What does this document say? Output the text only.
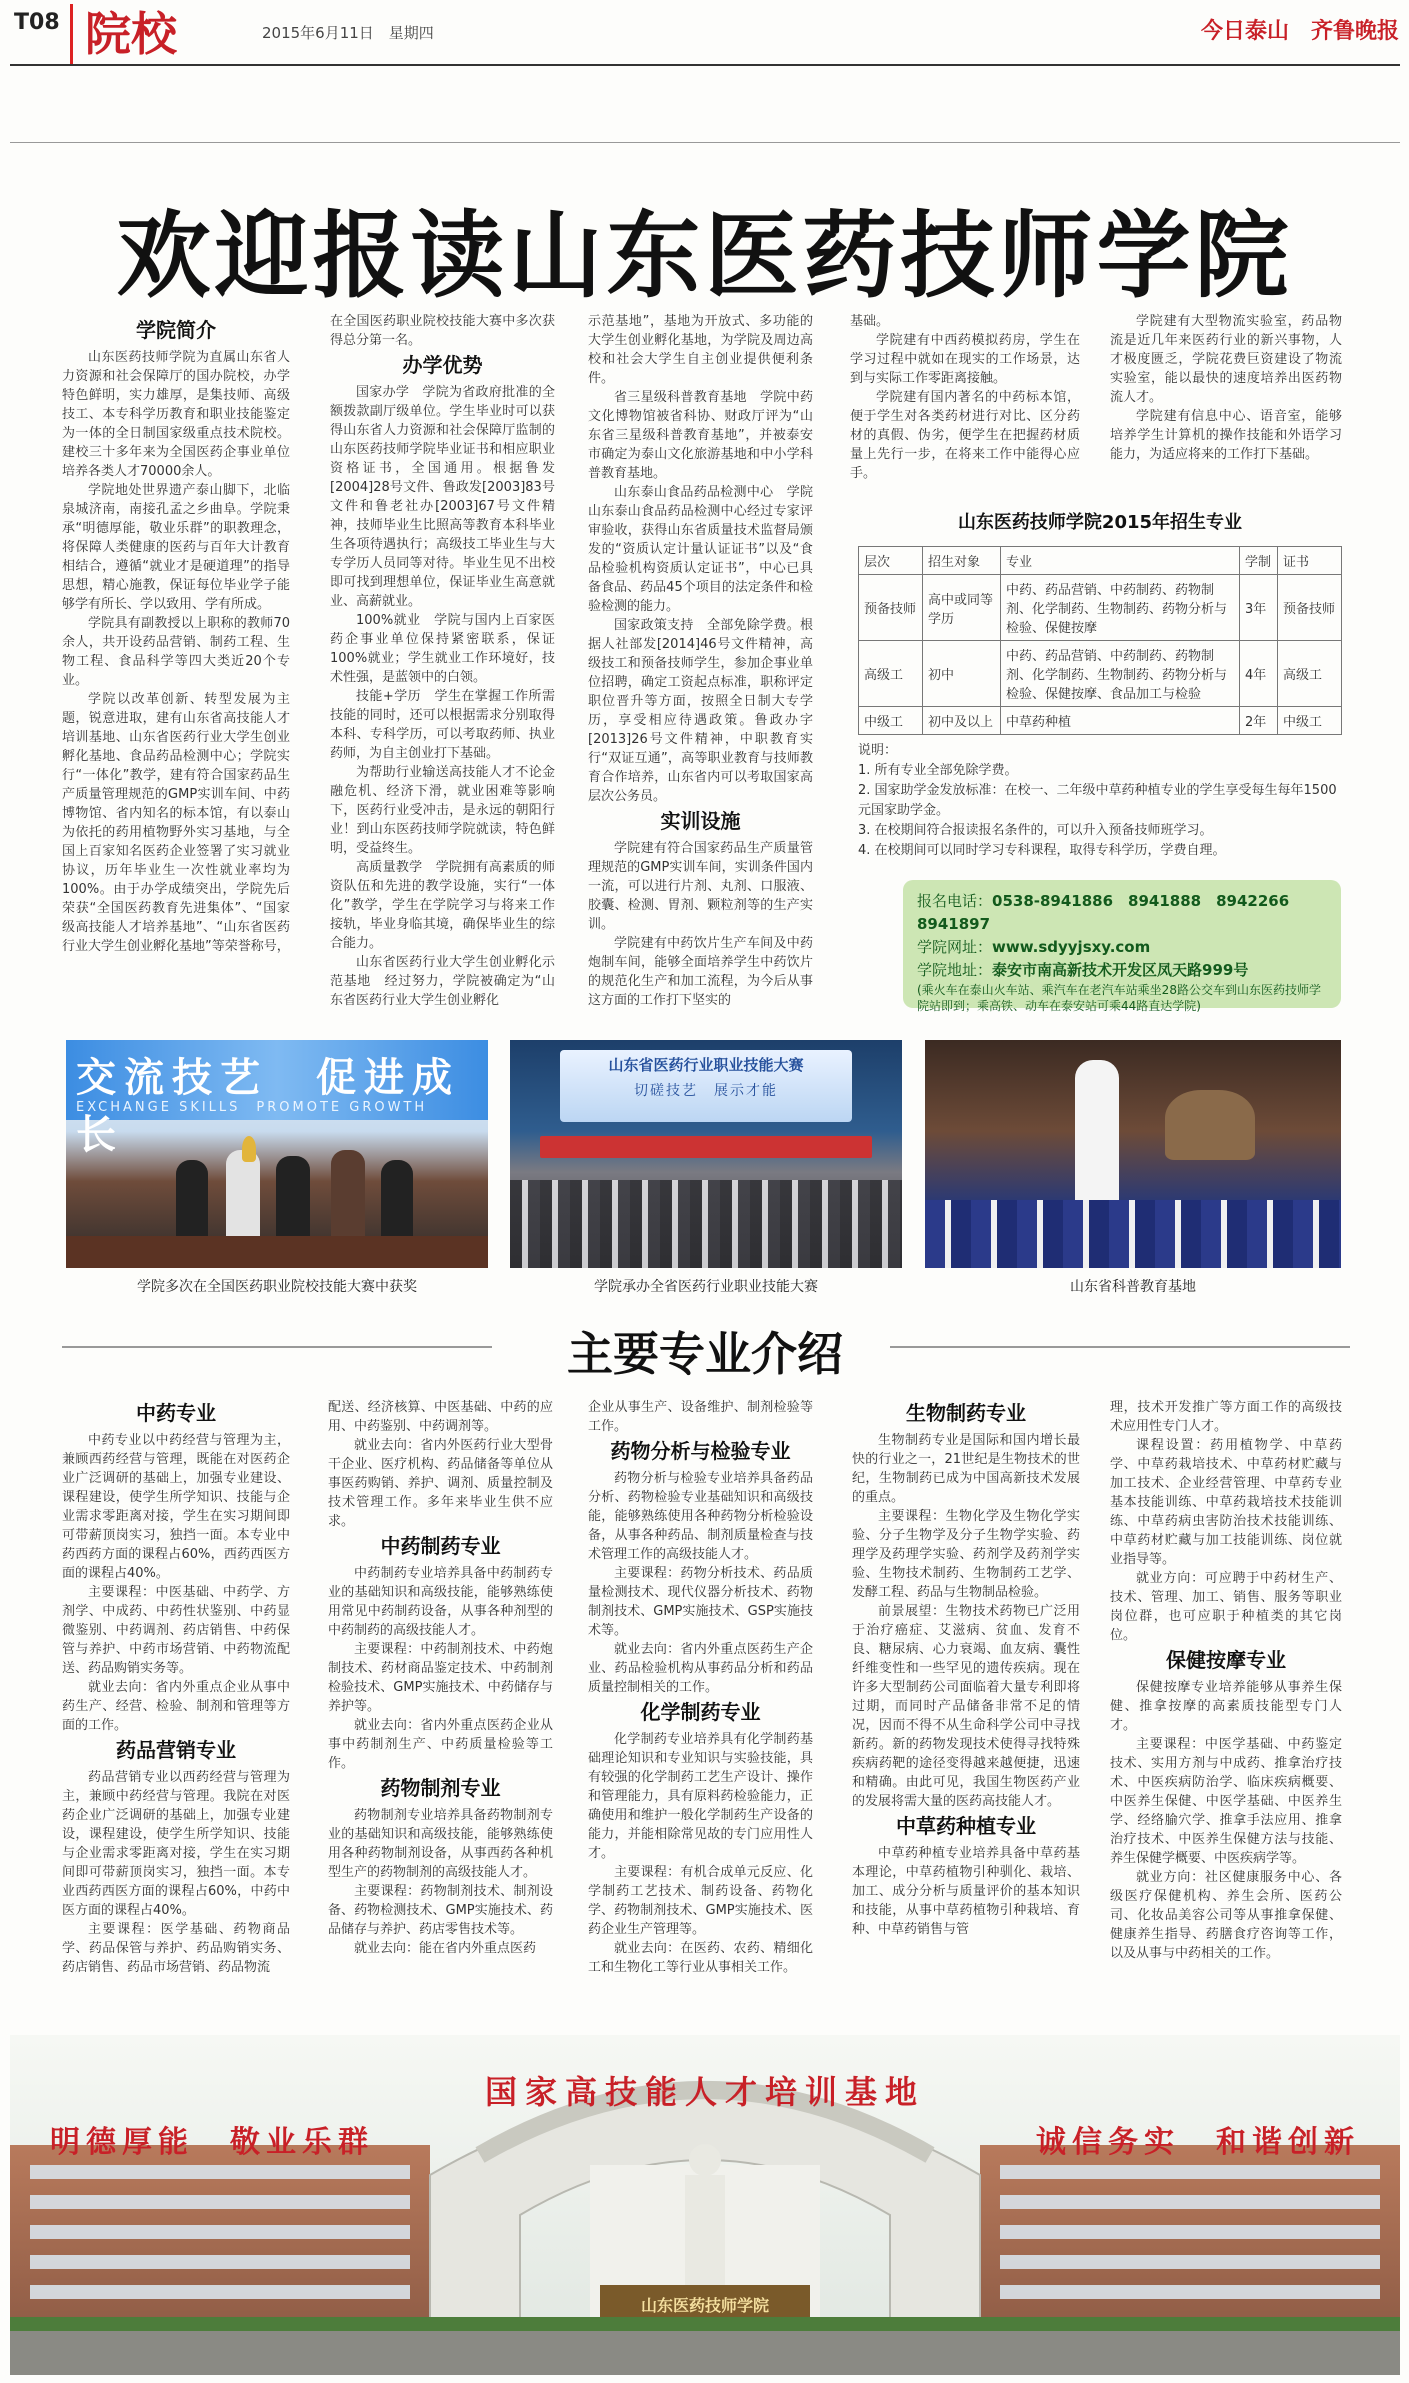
T08 院校	2015年6月11日　星期四	今日泰山　齐鲁晚报
欢迎报读山东医药技师学院
学院简介

山东医药技师学院为直属山东省人力资源和社会保障厅的国办院校，办学特色鲜明，实力雄厚，是集技师、高级技工、本专科学历教育和职业技能鉴定为一体的全日制国家级重点技术院校。建校三十多年来为全国医药企事业单位培养各类人才70000余人。

学院地处世界遗产泰山脚下，北临泉城济南，南接孔孟之乡曲阜。学院秉承“明德厚能，敬业乐群”的职教理念，将保障人类健康的医药与百年大计教育相结合，遵循“就业才是硬道理”的指导思想，精心施教，保证每位毕业学子能够学有所长、学以致用、学有所成。

学院具有副教授以上职称的教师70余人，共开设药品营销、制药工程、生物工程、食品科学等四大类近20个专业。

学院以改革创新、转型发展为主题，锐意进取，建有山东省高技能人才培训基地、山东省医药行业大学生创业孵化基地、食品药品检测中心；学院实行“一体化”教学，建有符合国家药品生产质量管理规范的GMP实训车间、中药博物馆、省内知名的标本馆，有以泰山为依托的药用植物野外实习基地，与全国上百家知名医药企业签署了实习就业协议，历年毕业生一次性就业率均为100%。由于办学成绩突出，学院先后荣获“全国医药教育先进集体”、“国家级高技能人才培养基地”、“山东省医药行业大学生创业孵化基地”等荣誉称号，

在全国医药职业院校技能大赛中多次获得总分第一名。

办学优势

国家办学　学院为省政府批准的全额拨款副厅级单位。学生毕业时可以获得山东省人力资源和社会保障厅监制的山东医药技师学院毕业证书和相应职业资格证书，全国通用。根据鲁发[2004]28号文件、鲁政发[2003]83号文件和鲁老社办[2003]67号文件精神，技师毕业生比照高等教育本科毕业生各项待遇执行；高级技工毕业生与大专学历人员同等对待。毕业生见不出校即可找到理想单位，保证毕业生高意就业、高薪就业。

100%就业　学院与国内上百家医药企事业单位保持紧密联系，保证100%就业；学生就业工作环境好，技术性强，是蓝领中的白领。

技能+学历　学生在掌握工作所需技能的同时，还可以根据需求分别取得本科、专科学历，可以考取药师、执业药师，为自主创业打下基础。

为帮助行业输送高技能人才不论金融危机、经济下滑，就业困难等影响下，医药行业受冲击，是永远的朝阳行业！到山东医药技师学院就读，特色鲜明，受益终生。

高质量教学　学院拥有高素质的师资队伍和先进的教学设施，实行“一体化”教学，学生在学院学习与将来工作接轨，毕业身临其境，确保毕业生的综合能力。

山东省医药行业大学生创业孵化示范基地　经过努力，学院被确定为“山东省医药行业大学生创业孵化

示范基地”，基地为开放式、多功能的大学生创业孵化基地，为学院及周边高校和社会大学生自主创业提供便利条件。

省三星级科普教育基地　学院中药文化博物馆被省科协、财政厅评为“山东省三星级科普教育基地”，并被泰安市确定为泰山文化旅游基地和中小学科普教育基地。

山东泰山食品药品检测中心　学院山东泰山食品药品检测中心经过专家评审验收，获得山东省质量技术监督局颁发的“资质认定计量认证证书”以及“食品检验机构资质认定证书”，中心已具备食品、药品45个项目的法定条件和检验检测的能力。

国家政策支持　全部免除学费。根据人社部发[2014]46号文件精神，高级技工和预备技师学生，参加企事业单位招聘，确定工资起点标准，职称评定职位晋升等方面，按照全日制大专学历，享受相应待遇政策。鲁政办字[2013]26号文件精神，中职教育实行“双证互通”，高等职业教育与技师教育合作培养，山东省内可以考取国家高层次公务员。

实训设施

学院建有符合国家药品生产质量管理规范的GMP实训车间，实训条件国内一流，可以进行片剂、丸剂、口服液、胶囊、检测、胃剂、颗粒剂等的生产实训。

学院建有中药饮片生产车间及中药炮制车间，能够全面培养学生中药饮片的规范化生产和加工流程，为今后从事这方面的工作打下坚实的

基础。

学院建有中西药模拟药房，学生在学习过程中就如在现实的工作场景，达到与实际工作零距离接触。

学院建有国内著名的中药标本馆，便于学生对各类药材进行对比、区分药材的真假、伪劣，便学生在把握药材质量上先行一步，在将来工作中能得心应手。

学院建有大型物流实验室，药品物流是近几年来医药行业的新兴事物，人才极度匮乏，学院花费巨资建设了物流实验室，能以最快的速度培养出医药物流人才。

学院建有信息中心、语音室，能够培养学生计算机的操作技能和外语学习能力，为适应将来的工作打下基础。

山东医药技师学院2015年招生专业
层次	招生对象	专业	学制	证书
预备技师	高中或同等学历	中药、药品营销、中药制药、药物制剂、化学制药、生物制药、药物分析与检验、保健按摩	3年	预备技师
高级工	初中	中药、药品营销、中药制药、药物制剂、化学制药、生物制药、药物分析与检验、保健按摩、食品加工与检验	4年	高级工
中级工	初中及以上	中草药种植	2年	中级工
说明：
1. 所有专业全部免除学费。
2. 国家助学金发放标准：在校一、二年级中草药种植专业的学生享受每生每年1500元国家助学金。
3. 在校期间符合报读报名条件的，可以升入预备技师班学习。
4. 在校期间可以同时学习专科课程，取得专科学历，学费自理。
报名电话：0538-8941886　8941888　8942266　8941897
学院网址：www.sdyyjsxy.com
学院地址：泰安市南高新技术开发区凤天路999号
(乘火车在泰山火车站、乘汽车在老汽车站乘坐28路公交车到山东医药技师学院站即到；乘高铁、动车在泰安站可乘44路直达学院)
交流技艺　促进成长
EXCHANGE SKILLS　PROMOTE GROWTH
学院多次在全国医药职业院校技能大赛中获奖
山东省医药行业职业技能大赛
切磋技艺　展示才能
学院承办全省医药行业职业技能大赛	山东省科普教育基地
主要专业介绍
中药专业

中药专业以中药经营与管理为主，兼顾西药经营与管理，既能在对医药企业广泛调研的基础上，加强专业建设、课程建设，使学生所学知识、技能与企业需求零距离对接，学生在实习期间即可带薪顶岗实习，独挡一面。本专业中药西药方面的课程占60%，西药西医方面的课程占40%。

主要课程：中医基础、中药学、方剂学、中成药、中药性状鉴别、中药显微鉴别、中药调剂、药店销售、中药保管与养护、中药市场营销、中药物流配送、药品购销实务等。

就业去向：省内外重点企业从事中药生产、经营、检验、制剂和管理等方面的工作。

药品营销专业

药品营销专业以西药经营与管理为主，兼顾中药经营与管理。我院在对医药企业广泛调研的基础上，加强专业建设，课程建设，使学生所学知识、技能与企业需求零距离对接，学生在实习期间即可带薪顶岗实习，独挡一面。本专业西药西医方面的课程占60%，中药中医方面的课程占40%。

主要课程：医学基础、药物商品学、药品保管与养护、药品购销实务、药店销售、药品市场营销、药品物流

配送、经济核算、中医基础、中药的应用、中药鉴别、中药调剂等。

就业去向：省内外医药行业大型骨干企业、医疗机构、药品储备等单位从事医药购销、养护、调剂、质量控制及技术管理工作。多年来毕业生供不应求。

中药制药专业

中药制药专业培养具备中药制药专业的基础知识和高级技能，能够熟练使用常见中药制药设备，从事各种剂型的中药制药的高级技能人才。

主要课程：中药制剂技术、中药炮制技术、药材商品鉴定技术、中药制剂检验技术、GMP实施技术、中药储存与养护等。

就业去向：省内外重点医药企业从事中药制剂生产、中药质量检验等工作。

药物制剂专业

药物制剂专业培养具备药物制剂专业的基础知识和高级技能，能够熟练使用各种药物制剂设备，从事西药各种机型生产的药物制剂的高级技能人才。

主要课程：药物制剂技术、制剂设备、药物检测技术、GMP实施技术、药品储存与养护、药店零售技术等。

就业去向：能在省内外重点医药

企业从事生产、设备维护、制剂检验等工作。

药物分析与检验专业

药物分析与检验专业培养具备药品分析、药物检验专业基础知识和高级技能，能够熟练使用各种药物分析检验设备，从事各种药品、制剂质量检查与技术管理工作的高级技能人才。

主要课程：药物分析技术、药品质量检测技术、现代仪器分析技术、药物制剂技术、GMP实施技术、GSP实施技术等。

就业去向：省内外重点医药生产企业、药品检验机构从事药品分析和药品质量控制相关的工作。

化学制药专业

化学制药专业培养具有化学制药基础理论知识和专业知识与实验技能，具有较强的化学制药工艺生产设计、操作和管理能力，具有原料药检验能力，正确使用和维护一般化学制药生产设备的能力，并能相除常见故的专门应用性人才。

主要课程：有机合成单元反应、化学制药工艺技术、制药设备、药物化学、药物制剂技术、GMP实施技术、医药企业生产管理等。

就业去向：在医药、农药、精细化工和生物化工等行业从事相关工作。

生物制药专业

生物制药专业是国际和国内增长最快的行业之一，21世纪是生物技术的世纪，生物制药已成为中国高新技术发展的重点。

主要课程：生物化学及生物化学实验、分子生物学及分子生物学实验、药理学及药理学实验、药剂学及药剂学实验、生物技术制药、生物制药工艺学、发酵工程、药品与生物制品检验。

前景展望：生物技术药物已广泛用于治疗癌症、艾滋病、贫血、发育不良、糖尿病、心力衰竭、血友病、囊性纤维变性和一些罕见的遗传疾病。现在许多大型制药公司面临着大量专利即将过期，而同时产品储备非常不足的情况，因而不得不从生命科学公司中寻找新药。新的药物发现技术使得寻找特殊疾病药靶的途径变得越来越便捷，迅速和精确。由此可见，我国生物医药产业的发展将需大量的医药高技能人才。

中草药种植专业

中草药种植专业培养具备中草药基本理论，中草药植物引种驯化、栽培、加工、成分分析与质量评价的基本知识和技能，从事中草药植物引种栽培、育种、中草药销售与管

理，技术开发推广等方面工作的高级技术应用性专门人才。

课程设置：药用植物学、中草药学、中草药栽培技术、中草药材贮藏与加工技术、企业经营管理、中草药专业基本技能训练、中草药栽培技术技能训练、中草药病虫害防治技术技能训练、中草药材贮藏与加工技能训练、岗位就业指导等。

就业方向：可应聘于中药材生产、技术、管理、加工、销售、服务等职业岗位群，也可应职于种植类的其它岗位。

保健按摩专业

保健按摩专业培养能够从事养生保健、推拿按摩的高素质技能型专门人才。

主要课程：中医学基础、中药鉴定技术、实用方剂与中成药、推拿治疗技术、中医疾病防治学、临床疾病概要、中医养生保健、中医学基础、中医养生学、经络腧穴学、推拿手法应用、推拿治疗技术、中医养生保健方法与技能、养生保健学概要、中医疾病学等。

就业方向：社区健康服务中心、各级医疗保健机构、养生会所、医药公司、化妆品美容公司等从事推拿保健、健康养生指导、药膳食疗咨询等工作，以及从事与中药相关的工作。

国家高技能人才培训基地
明德厚能　敬业乐群	诚信务实　和谐创新
山东医药技师学院
